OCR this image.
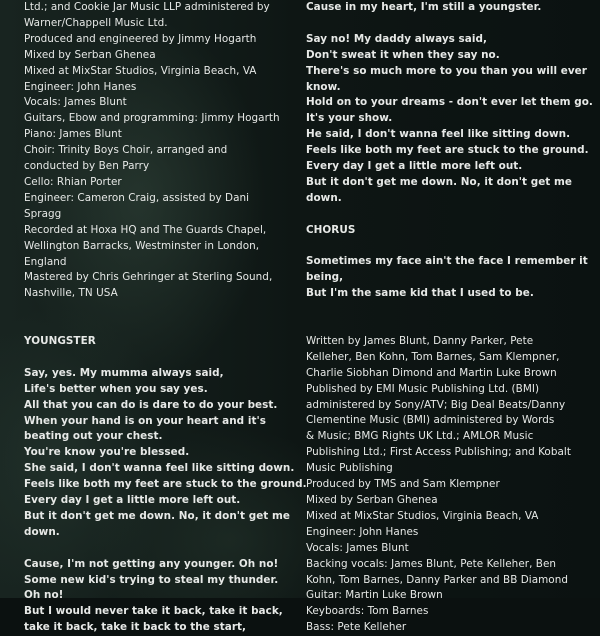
Ltd.; and Cookie Jar Music LLP administered by
Warner/Chappell Music Ltd.
Produced and engineered by Jimmy Hogarth
Mixed by Serban Ghenea
Mixed at MixStar Studios, Virginia Beach, VA
Engineer: John Hanes
Vocals: James Blunt
Guitars, Ebow and programming: Jimmy Hogarth
Piano: James Blunt
Choir: Trinity Boys Choir, arranged and
conducted by Ben Parry
Cello: Rhian Porter
Engineer: Cameron Craig, assisted by Dani
Spragg
Recorded at Hoxa HQ and The Guards Chapel,
Wellington Barracks, Westminster in London,
England
Mastered by Chris Gehringer at Sterling Sound,
Nashville, TN USA
YOUNGSTER
Say, yes. My mumma always said,
Life's better when you say yes.
All that you can do is dare to do your best.
When your hand is on your heart and it's
beating out your chest.
You're know you're blessed.
She said, I don't wanna feel like sitting down.
Feels like both my feet are stuck to the ground.
Every day I get a little more left out.
But it don't get me down. No, it don't get me
down.
Cause, I'm not getting any younger. Oh no!
Some new kid's trying to steal my thunder.
Oh no!
But I would never take it back, take it back,
take it back, take it back to the start,
Cause in my heart, I'm still a youngster.
Say no! My daddy always said,
Don't sweat it when they say no.
There's so much more to you than you will ever
know.
Hold on to your dreams - don't ever let them go.
It's your show.
He said, I don't wanna feel like sitting down.
Feels like both my feet are stuck to the ground.
Every day I get a little more left out.
But it don't get me down. No, it don't get me
down.
CHORUS
Sometimes my face ain't the face I remember it
being,
But I'm the same kid that I used to be.
Written by James Blunt, Danny Parker, Pete
Kelleher, Ben Kohn, Tom Barnes, Sam Klempner,
Charlie Siobhan Dimond and Martin Luke Brown
Published by EMI Music Publishing Ltd. (BMI)
administered by Sony/ATV; Big Deal Beats/Danny
Clementine Music (BMI) administered by Words
& Music; BMG Rights UK Ltd.; AMLOR Music
Publishing Ltd.; First Access Publishing; and Kobalt
Music Publishing
Produced by TMS and Sam Klempner
Mixed by Serban Ghenea
Mixed at MixStar Studios, Virginia Beach, VA
Engineer: John Hanes
Vocals: James Blunt
Backing vocals: James Blunt, Pete Kelleher, Ben
Kohn, Tom Barnes, Danny Parker and BB Diamond
Guitar: Martin Luke Brown
Keyboards: Tom Barnes
Bass: Pete Kelleher
